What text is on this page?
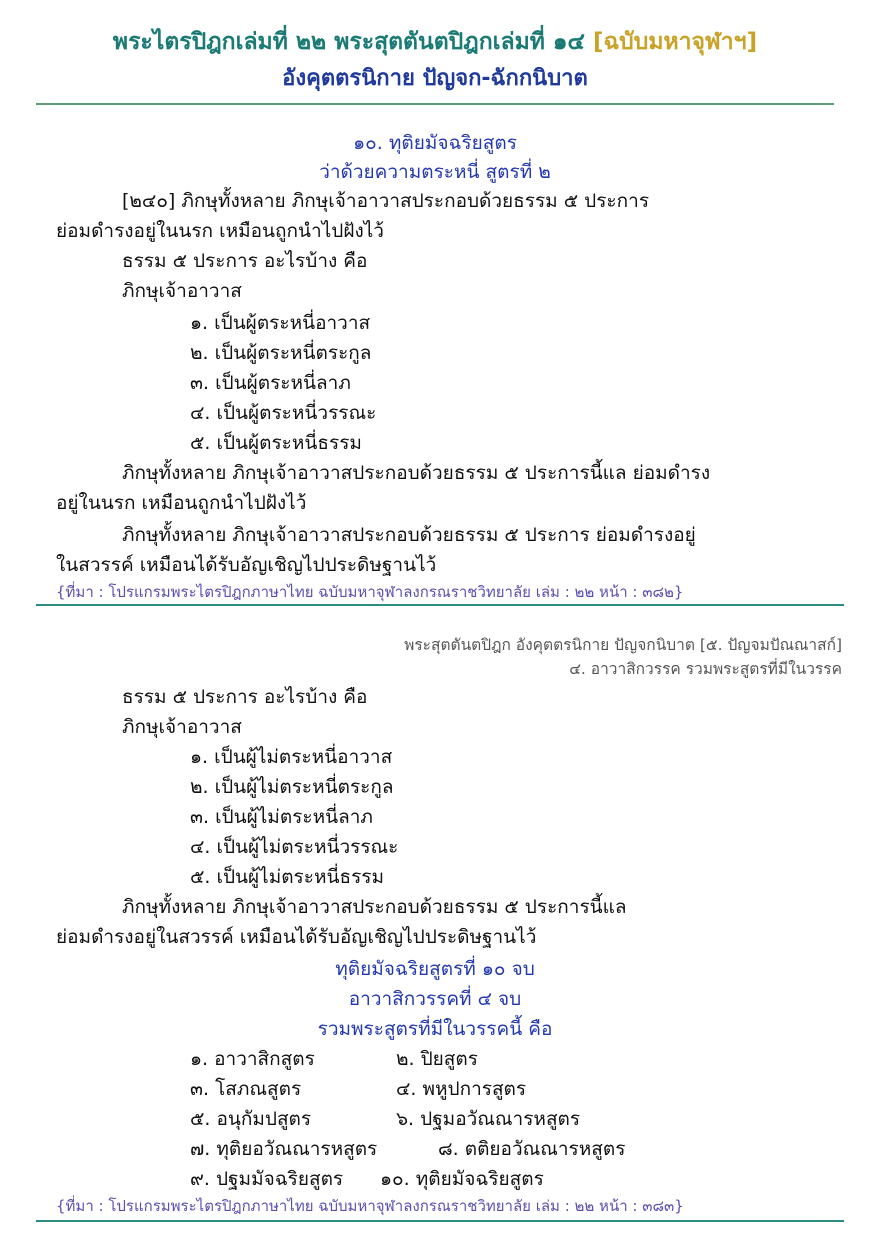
พระไตรปิฎกเล่มที่ ๒๒ พระสุตตันตปิฎกเล่มที่ ๑๔ [ฉบับมหาจุฬาฯ]
อังคุตตรนิกาย ปัญจก-ฉักกนิบาต
๑๐. ทุติยมัจฉริยสูตร
ว่าด้วยความตระหนี่ สูตรที่ ๒
[๒๔๐] ภิกษุทั้งหลาย ภิกษุเจ้าอาวาสประกอบด้วยธรรม ๕ ประการ
ย่อมดำรงอยู่ในนรก เหมือนถูกนำไปฝังไว้
ธรรม ๕ ประการ อะไรบ้าง คือ
ภิกษุเจ้าอาวาส
๑. เป็นผู้ตระหนี่อาวาส
๒. เป็นผู้ตระหนี่ตระกูล
๓. เป็นผู้ตระหนี่ลาภ
๔. เป็นผู้ตระหนี่วรรณะ
๕. เป็นผู้ตระหนี่ธรรม
ภิกษุทั้งหลาย ภิกษุเจ้าอาวาสประกอบด้วยธรรม ๕ ประการนี้แล ย่อมดำรง
อยู่ในนรก เหมือนถูกนำไปฝังไว้
ภิกษุทั้งหลาย ภิกษุเจ้าอาวาสประกอบด้วยธรรม ๕ ประการ ย่อมดำรงอยู่
ในสวรรค์ เหมือนได้รับอัญเชิญไปประดิษฐานไว้
{ที่มา : โปรแกรมพระไตรปิฎกภาษาไทย ฉบับมหาจุฬาลงกรณราชวิทยาลัย เล่ม : ๒๒ หน้า : ๓๘๒}
พระสุตตันตปิฎก อังคุตตรนิกาย ปัญจกนิบาต [๕. ปัญจมปัณณาสก์]
๔. อาวาสิกวรรค รวมพระสูตรที่มีในวรรค
ธรรม ๕ ประการ อะไรบ้าง คือ
ภิกษุเจ้าอาวาส
๑. เป็นผู้ไม่ตระหนี่อาวาส
๒. เป็นผู้ไม่ตระหนี่ตระกูล
๓. เป็นผู้ไม่ตระหนี่ลาภ
๔. เป็นผู้ไม่ตระหนี่วรรณะ
๕. เป็นผู้ไม่ตระหนี่ธรรม
ภิกษุทั้งหลาย ภิกษุเจ้าอาวาสประกอบด้วยธรรม ๕ ประการนี้แล
ย่อมดำรงอยู่ในสวรรค์ เหมือนได้รับอัญเชิญไปประดิษฐานไว้
ทุติยมัจฉริยสูตรที่ ๑๐ จบ
อาวาสิกวรรคที่ ๔ จบ
รวมพระสูตรที่มีในวรรคนี้ คือ
๑. อาวาสิกสูตร	๒. ปิยสูตร
๓. โสภณสูตร	๔. พหูปการสูตร
๕. อนุกัมปสูตร	๖. ปฐมอวัณณารหสูตร
๗. ทุติยอวัณณารหสูตร	๘. ตติยอวัณณารหสูตร
๙. ปฐมมัจฉริยสูตร ๑๐. ทุติยมัจฉริยสูตร
{ที่มา : โปรแกรมพระไตรปิฎกภาษาไทย ฉบับมหาจุฬาลงกรณราชวิทยาลัย เล่ม : ๒๒ หน้า : ๓๘๓}
